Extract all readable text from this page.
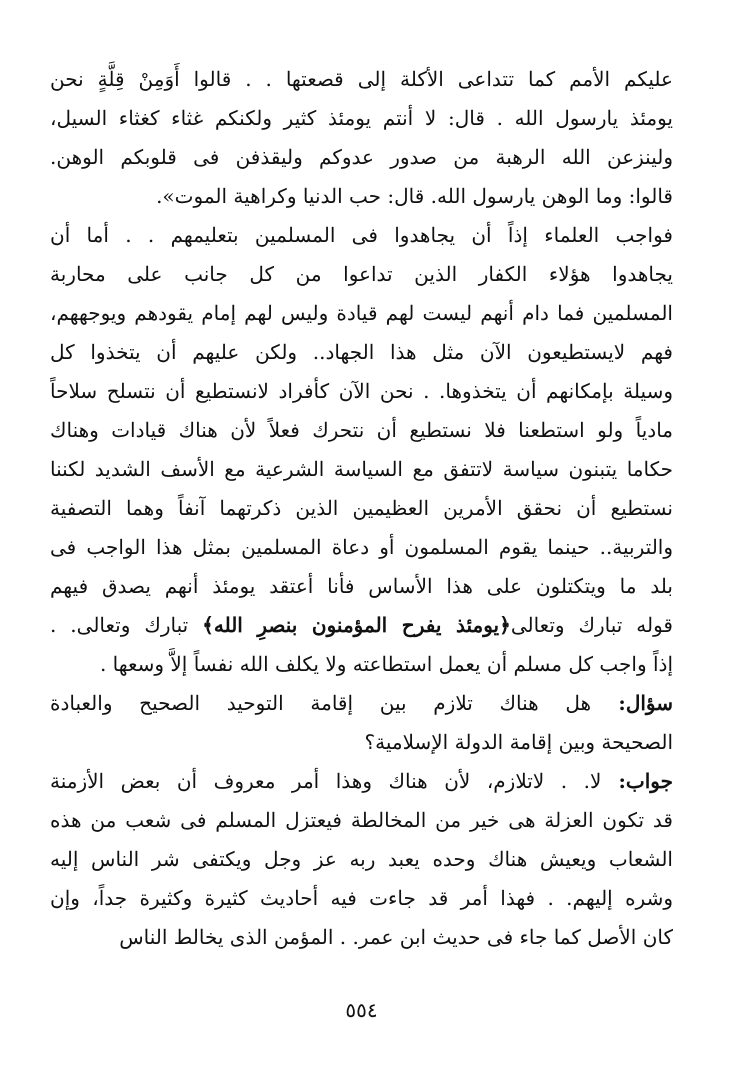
عليكم الأمم كما تتداعى الأكلة إلى قصعتها . . قالوا أَوَمِنْ قِلَّةٍ نحن
يومئذ يارسول الله . قال: لا أنتم يومئذ كثير ولكنكم غثاء كغثاء السيل،
ولينزعن الله الرهبة من صدور عدوكم وليقذفن فى قلوبكم الوهن.
قالوا: وما الوهن يارسول الله. قال: حب الدنيا وكراهية الموت».
فواجب العلماء إذاً أن يجاهدوا فى المسلمين بتعليمهم . . أما أن
يجاهدوا هؤلاء الكفار الذين تداعوا من كل جانب على محاربة
المسلمين فما دام أنهم ليست لهم قيادة وليس لهم إمام يقودهم ويوجههم،
فهم لايستطيعون الآن مثل هذا الجهاد.. ولكن عليهم أن يتخذوا كل
وسيلة بإمكانهم أن يتخذوها. . نحن الآن كأفراد لانستطيع أن نتسلح سلاحاً
مادياً ولو استطعنا فلا نستطيع أن نتحرك فعلاً لأن هناك قيادات وهناك
حكاما يتبنون سياسة لاتتفق مع السياسة الشرعية مع الأسف الشديد لكننا
نستطيع أن نحقق الأمرين العظيمين الذين ذكرتهما آنفاً وهما التصفية
والتربية.. حينما يقوم المسلمون أو دعاة المسلمين بمثل هذا الواجب فى
بلد ما ويتكتلون على هذا الأساس فأنا أعتقد يومئذ أنهم يصدق فيهم
قوله تبارك وتعالى﴿يومئذ يفرح المؤمنون بنصرِ الله﴾ تبارك وتعالى. .
إذاً واجب كل مسلم أن يعمل استطاعته ولا يكلف الله نفساً إلاَّ وسعها .
سؤال: هل هناك تلازم بين إقامة التوحيد الصحيح والعبادة
الصحيحة وبين إقامة الدولة الإسلامية؟
جواب: لا. . لاتلازم، لأن هناك وهذا أمر معروف أن بعض الأزمنة
قد تكون العزلة هى خير من المخالطة فيعتزل المسلم فى شعب من هذه
الشعاب ويعيش هناك وحده يعبد ربه عز وجل ويكتفى شر الناس إليه
وشره إليهم. . فهذا أمر قد جاءت فيه أحاديث كثيرة وكثيرة جداً، وإن
كان الأصل كما جاء فى حديث ابن عمر. . المؤمن الذى يخالط الناس
٥٥٤
